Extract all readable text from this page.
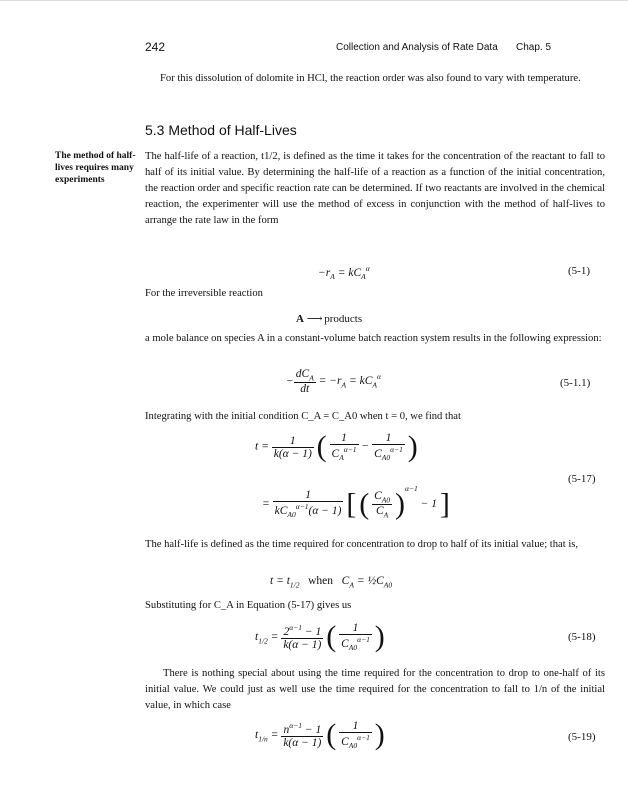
242	Collection and Analysis of Rate Data Chap. 5
For this dissolution of dolomite in HCl, the reaction order was also found to vary with temperature.
5.3 Method of Half-Lives
The method of half-lives requires many experiments
The half-life of a reaction, t1/2, is defined as the time it takes for the concentration of the reactant to fall to half of its initial value. By determining the half-life of a reaction as a function of the initial concentration, the reaction order and specific reaction rate can be determined. If two reactants are involved in the chemical reaction, the experimenter will use the method of excess in conjunction with the method of half-lives to arrange the rate law in the form
$-r_A = kC_A^\alpha$	(5-1)
For the irreversible reaction
A ⟶ products
a mole balance on species A in a constant-volume batch reaction system results in the following expression:
− $\frac{dC_A}{dt} = -r_A = kC_A^\alpha$
(5-1.1)
Integrating with the initial condition C_A = C_A0 when t = 0, we find that
$t = \frac{1}{k(\alpha - 1)}$ ( $\frac{1}{C_A^{\alpha-1}} - \frac{1}{C_{A0}^{\alpha-1}}$ )
(5-17)
= $\frac{1}{kC_{A0}^{\alpha-1}(\alpha - 1)}$ [ ( $\frac{C_{A0}}{C_A} )^{\alpha-1} - 1$ ]
The half-life is defined as the time required for concentration to drop to half of its initial value; that is,
$t = t_{1/2}$ when $C_A$ = $\frac{1}{2}C_{A0}$
Substituting for C_A in Equation (5-17) gives us
$t_{1/2} = \frac{2^{\alpha-1} - 1}{k(\alpha - 1)}$ ( $\frac{1}{C_{A0}^{\alpha-1}}$ )	(5-18)
There is nothing special about using the time required for the concentration to drop to one-half of its initial value. We could just as well use the time required for the concentration to fall to 1/n of the initial value, in which case
$t_{1/n} = \frac{n^{\alpha-1} - 1}{k(\alpha - 1)}$ ( $\frac{1}{C_{A0}^{\alpha-1}}$ )	(5-19)
